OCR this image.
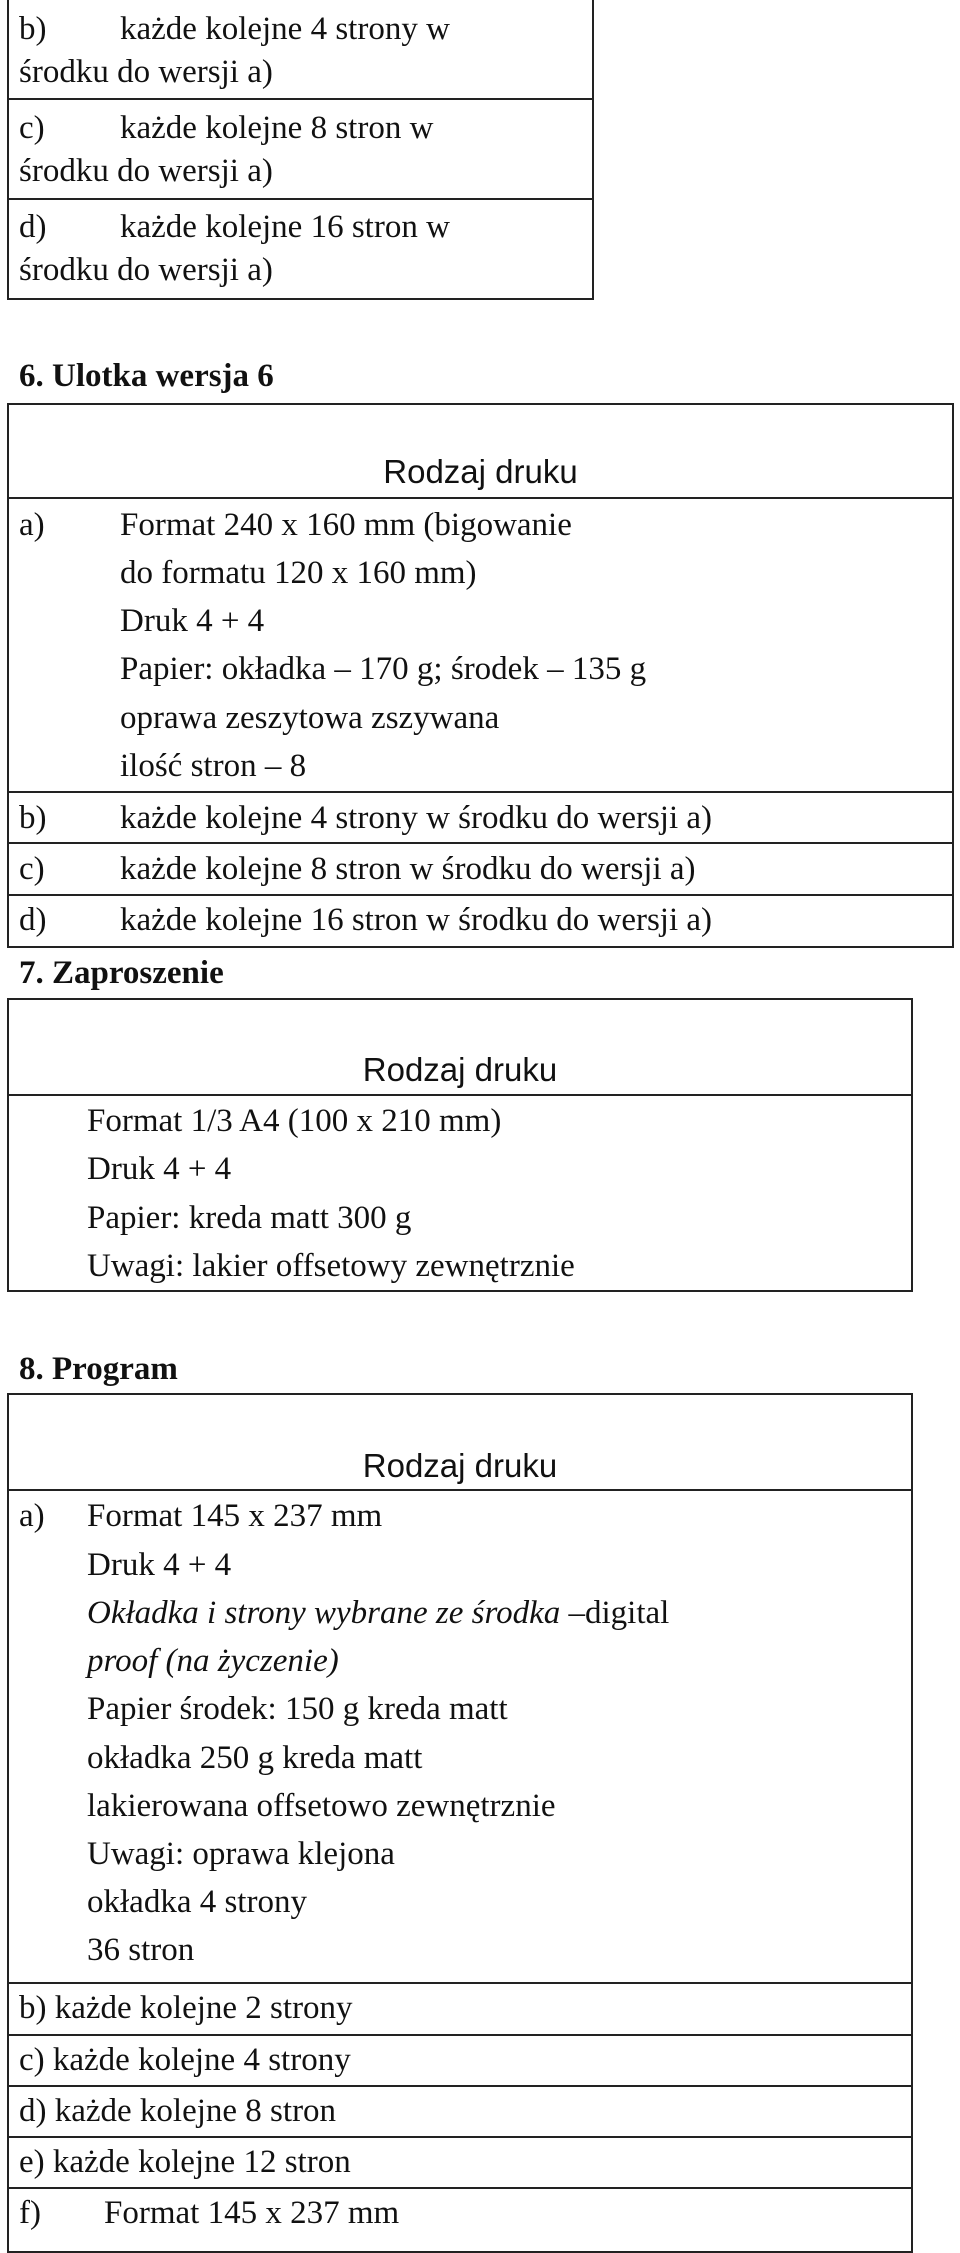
b) każde kolejne 4 strony w
środku do wersji a)
c) każde kolejne 8 stron w
środku do wersji a)
d) każde kolejne 16 stron w
środku do wersji a)
6. Ulotka wersja 6
Rodzaj druku
a) Format 240 x 160 mm (bigowanie
do formatu 120 x 160 mm)
Druk 4 + 4
Papier: okładka – 170 g; środek – 135 g
oprawa zeszytowa zszywana
ilość stron – 8
b) każde kolejne 4 strony w środku do wersji a)
c) każde kolejne 8 stron w środku do wersji a)
d) każde kolejne 16 stron w środku do wersji a)
7. Zaproszenie
Rodzaj druku
Format 1/3 A4 (100 x 210 mm)
Druk 4 + 4
Papier: kreda matt 300 g
Uwagi: lakier offsetowy zewnętrznie
8. Program
Rodzaj druku
a) Format 145 x 237 mm
Druk 4 + 4
Okładka i strony wybrane ze środka –digital
proof (na życzenie)
Papier środek: 150 g kreda matt
okładka 250 g kreda matt
lakierowana offsetowo zewnętrznie
Uwagi: oprawa klejona
okładka 4 strony
36 stron
b) każde kolejne 2 strony
c) każde kolejne 4 strony
d) każde kolejne 8 stron
e) każde kolejne 12 stron
f) Format 145 x 237 mm
